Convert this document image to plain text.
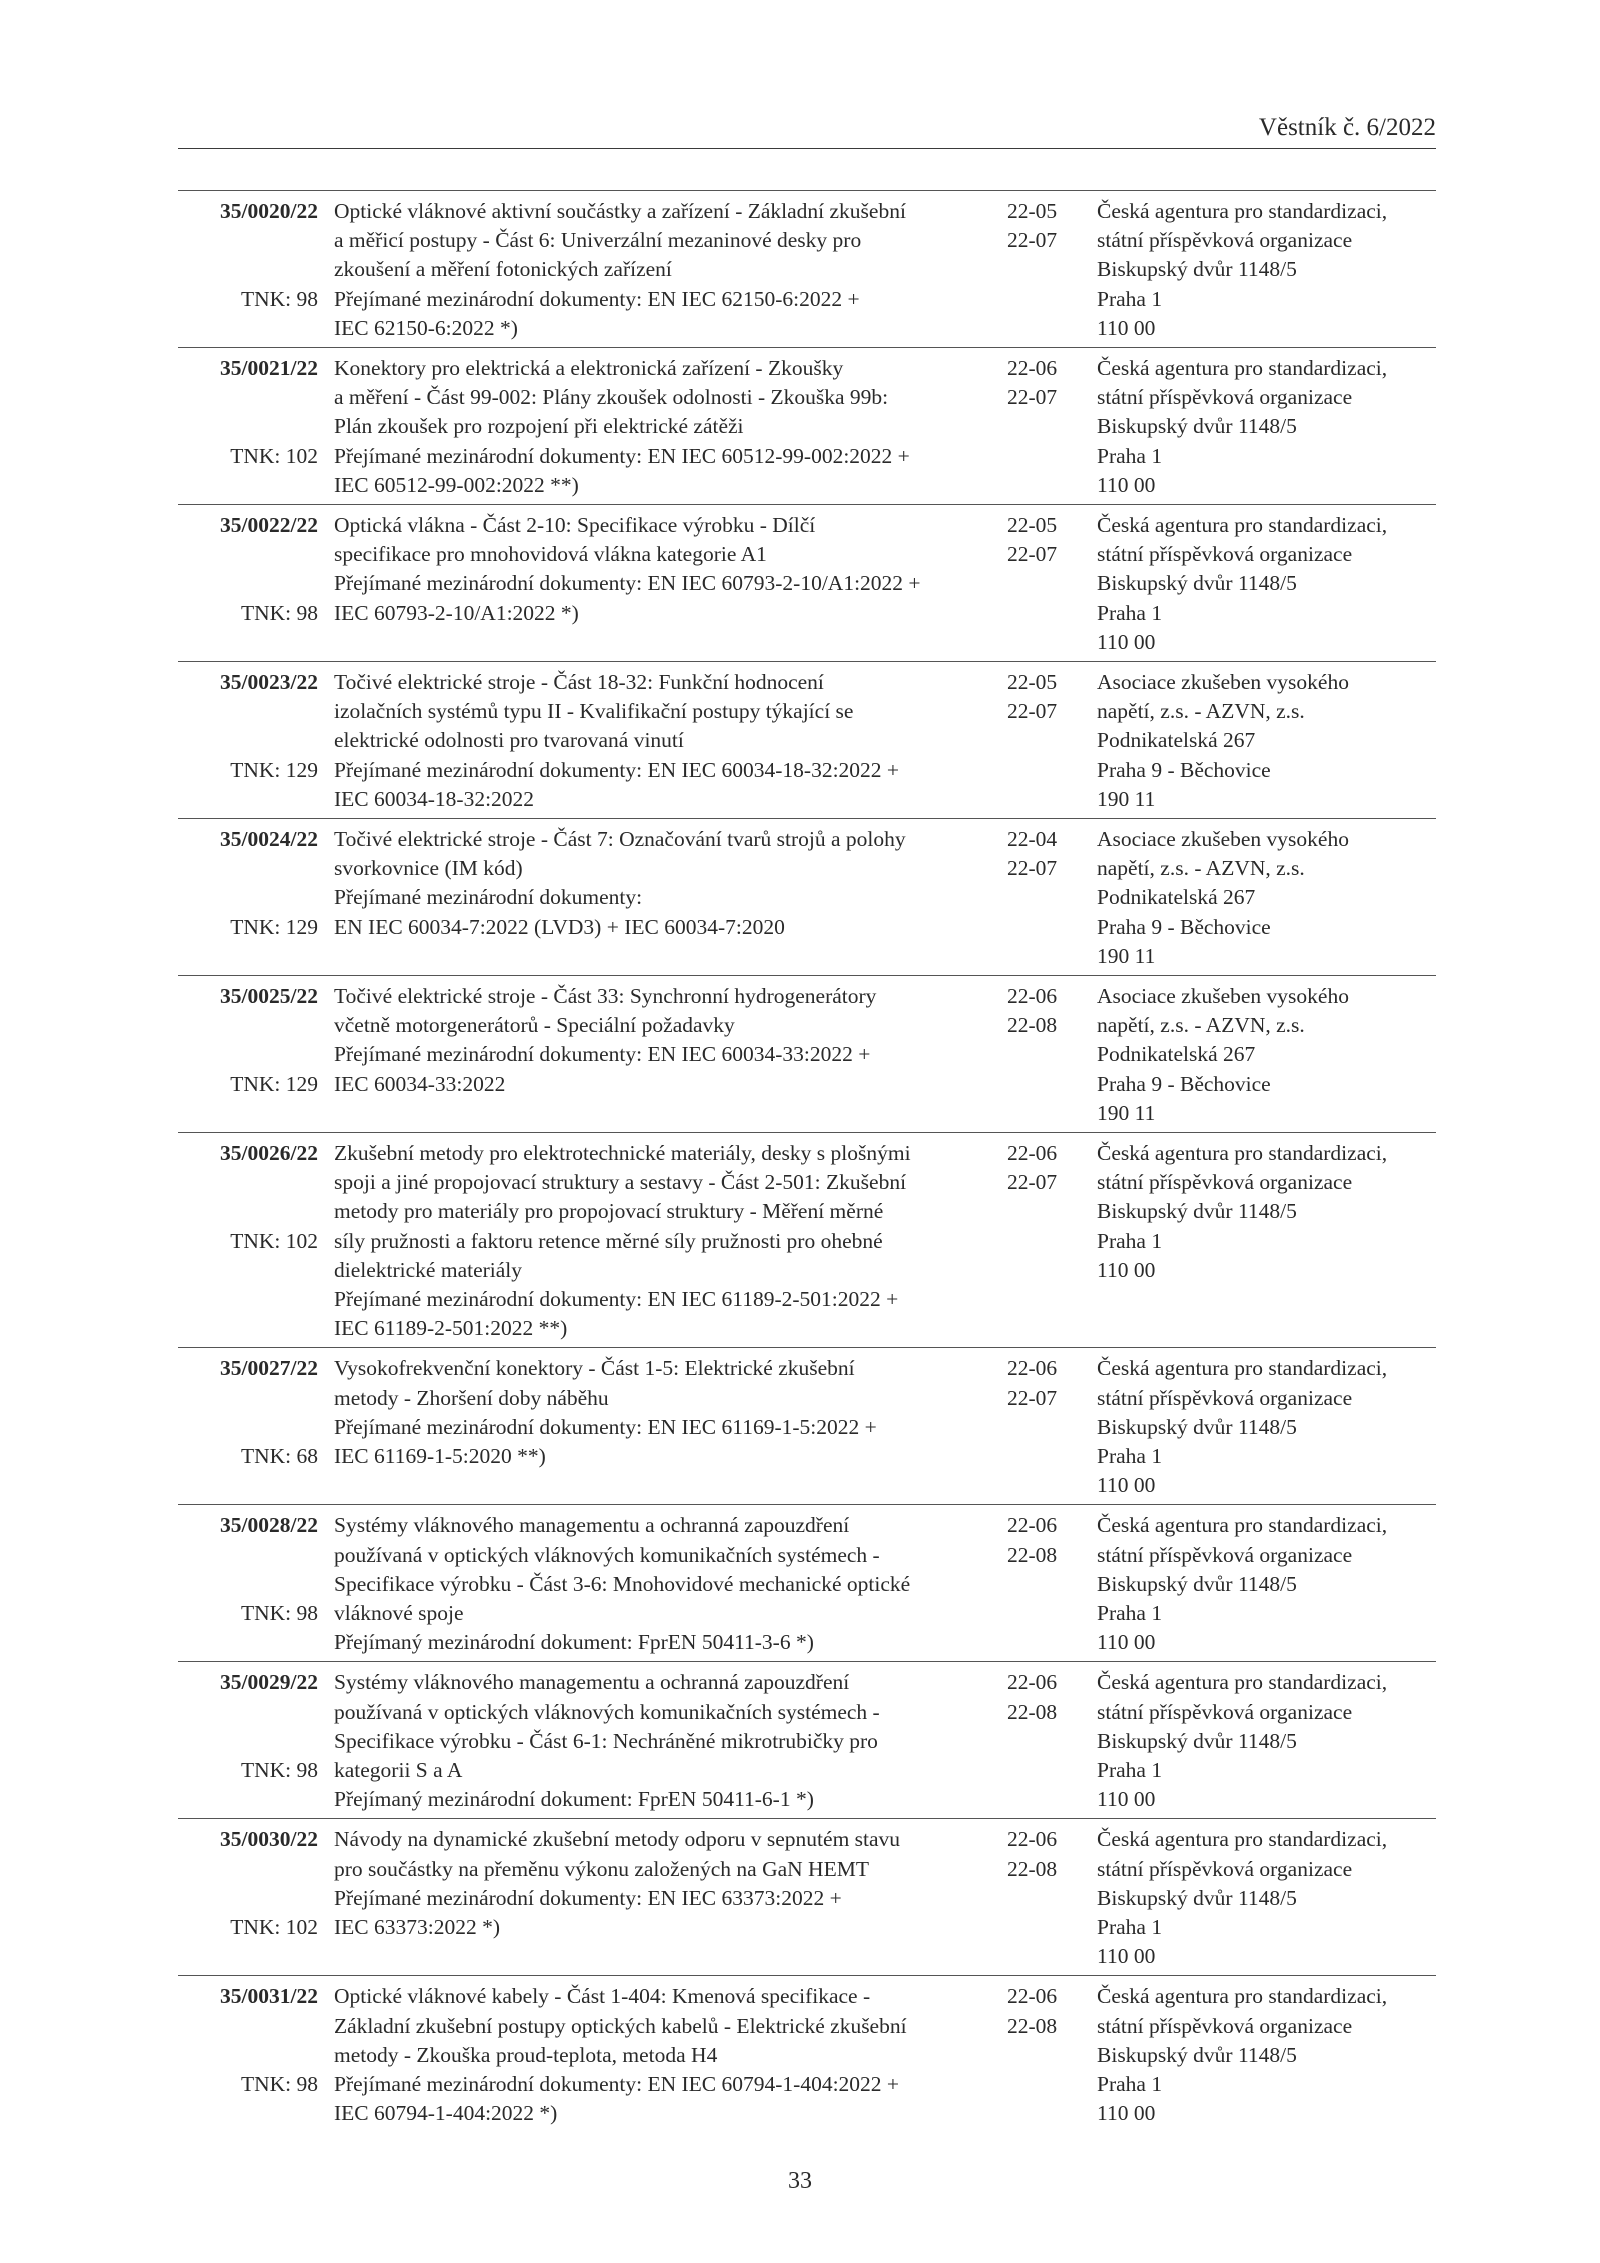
Věstník č. 6/2022
35/0020/22
TNK: 98
Optické vláknové aktivní součástky a zařízení - Základní zkušební
a měřicí postupy - Část 6: Univerzální mezaninové desky pro
zkoušení a měření fotonických zařízení
Přejímané mezinárodní dokumenty: EN IEC 62150-6:2022 +
IEC 62150-6:2022 *)
22-05
22-07
Česká agentura pro standardizaci,
státní příspěvková organizace
Biskupský dvůr 1148/5
Praha 1
110 00
35/0021/22
TNK: 102
Konektory pro elektrická a elektronická zařízení - Zkoušky
a měření - Část 99-002: Plány zkoušek odolnosti - Zkouška 99b:
Plán zkoušek pro rozpojení při elektrické zátěži
Přejímané mezinárodní dokumenty: EN IEC 60512-99-002:2022 +
IEC 60512-99-002:2022 **)
22-06
22-07
Česká agentura pro standardizaci,
státní příspěvková organizace
Biskupský dvůr 1148/5
Praha 1
110 00
35/0022/22
TNK: 98
Optická vlákna - Část 2-10: Specifikace výrobku - Dílčí
specifikace pro mnohovidová vlákna kategorie A1
Přejímané mezinárodní dokumenty: EN IEC 60793-2-10/A1:2022 +
IEC 60793-2-10/A1:2022 *)
22-05
22-07
Česká agentura pro standardizaci,
státní příspěvková organizace
Biskupský dvůr 1148/5
Praha 1
110 00
35/0023/22
TNK: 129
Točivé elektrické stroje - Část 18-32: Funkční hodnocení
izolačních systémů typu II - Kvalifikační postupy týkající se
elektrické odolnosti pro tvarovaná vinutí
Přejímané mezinárodní dokumenty: EN IEC 60034-18-32:2022 +
IEC 60034-18-32:2022
22-05
22-07
Asociace zkušeben vysokého
napětí, z.s. - AZVN, z.s.
Podnikatelská 267
Praha 9 - Běchovice
190 11
35/0024/22
TNK: 129
Točivé elektrické stroje - Část 7: Označování tvarů strojů a polohy
svorkovnice (IM kód)
Přejímané mezinárodní dokumenty:
EN IEC 60034-7:2022 (LVD3) + IEC 60034-7:2020
22-04
22-07
Asociace zkušeben vysokého
napětí, z.s. - AZVN, z.s.
Podnikatelská 267
Praha 9 - Běchovice
190 11
35/0025/22
TNK: 129
Točivé elektrické stroje - Část 33: Synchronní hydrogenerátory
včetně motorgenerátorů - Speciální požadavky
Přejímané mezinárodní dokumenty: EN IEC 60034-33:2022 +
IEC 60034-33:2022
22-06
22-08
Asociace zkušeben vysokého
napětí, z.s. - AZVN, z.s.
Podnikatelská 267
Praha 9 - Běchovice
190 11
35/0026/22
TNK: 102
Zkušební metody pro elektrotechnické materiály, desky s plošnými
spoji a jiné propojovací struktury a sestavy - Část 2-501: Zkušební
metody pro materiály pro propojovací struktury - Měření měrné
síly pružnosti a faktoru retence měrné síly pružnosti pro ohebné
dielektrické materiály
Přejímané mezinárodní dokumenty: EN IEC 61189-2-501:2022 +
IEC 61189-2-501:2022 **)
22-06
22-07
Česká agentura pro standardizaci,
státní příspěvková organizace
Biskupský dvůr 1148/5
Praha 1
110 00
35/0027/22
TNK: 68
Vysokofrekvenční konektory - Část 1-5: Elektrické zkušební
metody - Zhoršení doby náběhu
Přejímané mezinárodní dokumenty: EN IEC 61169-1-5:2022 +
IEC 61169-1-5:2020 **)
22-06
22-07
Česká agentura pro standardizaci,
státní příspěvková organizace
Biskupský dvůr 1148/5
Praha 1
110 00
35/0028/22
TNK: 98
Systémy vláknového managementu a ochranná zapouzdření
používaná v optických vláknových komunikačních systémech -
Specifikace výrobku - Část 3-6: Mnohovidové mechanické optické
vláknové spoje
Přejímaný mezinárodní dokument: FprEN 50411-3-6 *)
22-06
22-08
Česká agentura pro standardizaci,
státní příspěvková organizace
Biskupský dvůr 1148/5
Praha 1
110 00
35/0029/22
TNK: 98
Systémy vláknového managementu a ochranná zapouzdření
používaná v optických vláknových komunikačních systémech -
Specifikace výrobku - Část 6-1: Nechráněné mikrotrubičky pro
kategorii S a A
Přejímaný mezinárodní dokument: FprEN 50411-6-1 *)
22-06
22-08
Česká agentura pro standardizaci,
státní příspěvková organizace
Biskupský dvůr 1148/5
Praha 1
110 00
35/0030/22
TNK: 102
Návody na dynamické zkušební metody odporu v sepnutém stavu
pro součástky na přeměnu výkonu založených na GaN HEMT
Přejímané mezinárodní dokumenty: EN IEC 63373:2022 +
IEC 63373:2022 *)
22-06
22-08
Česká agentura pro standardizaci,
státní příspěvková organizace
Biskupský dvůr 1148/5
Praha 1
110 00
35/0031/22
TNK: 98
Optické vláknové kabely - Část 1-404: Kmenová specifikace -
Základní zkušební postupy optických kabelů - Elektrické zkušební
metody - Zkouška proud-teplota, metoda H4
Přejímané mezinárodní dokumenty: EN IEC 60794-1-404:2022 +
IEC 60794-1-404:2022 *)
22-06
22-08
Česká agentura pro standardizaci,
státní příspěvková organizace
Biskupský dvůr 1148/5
Praha 1
110 00
33
